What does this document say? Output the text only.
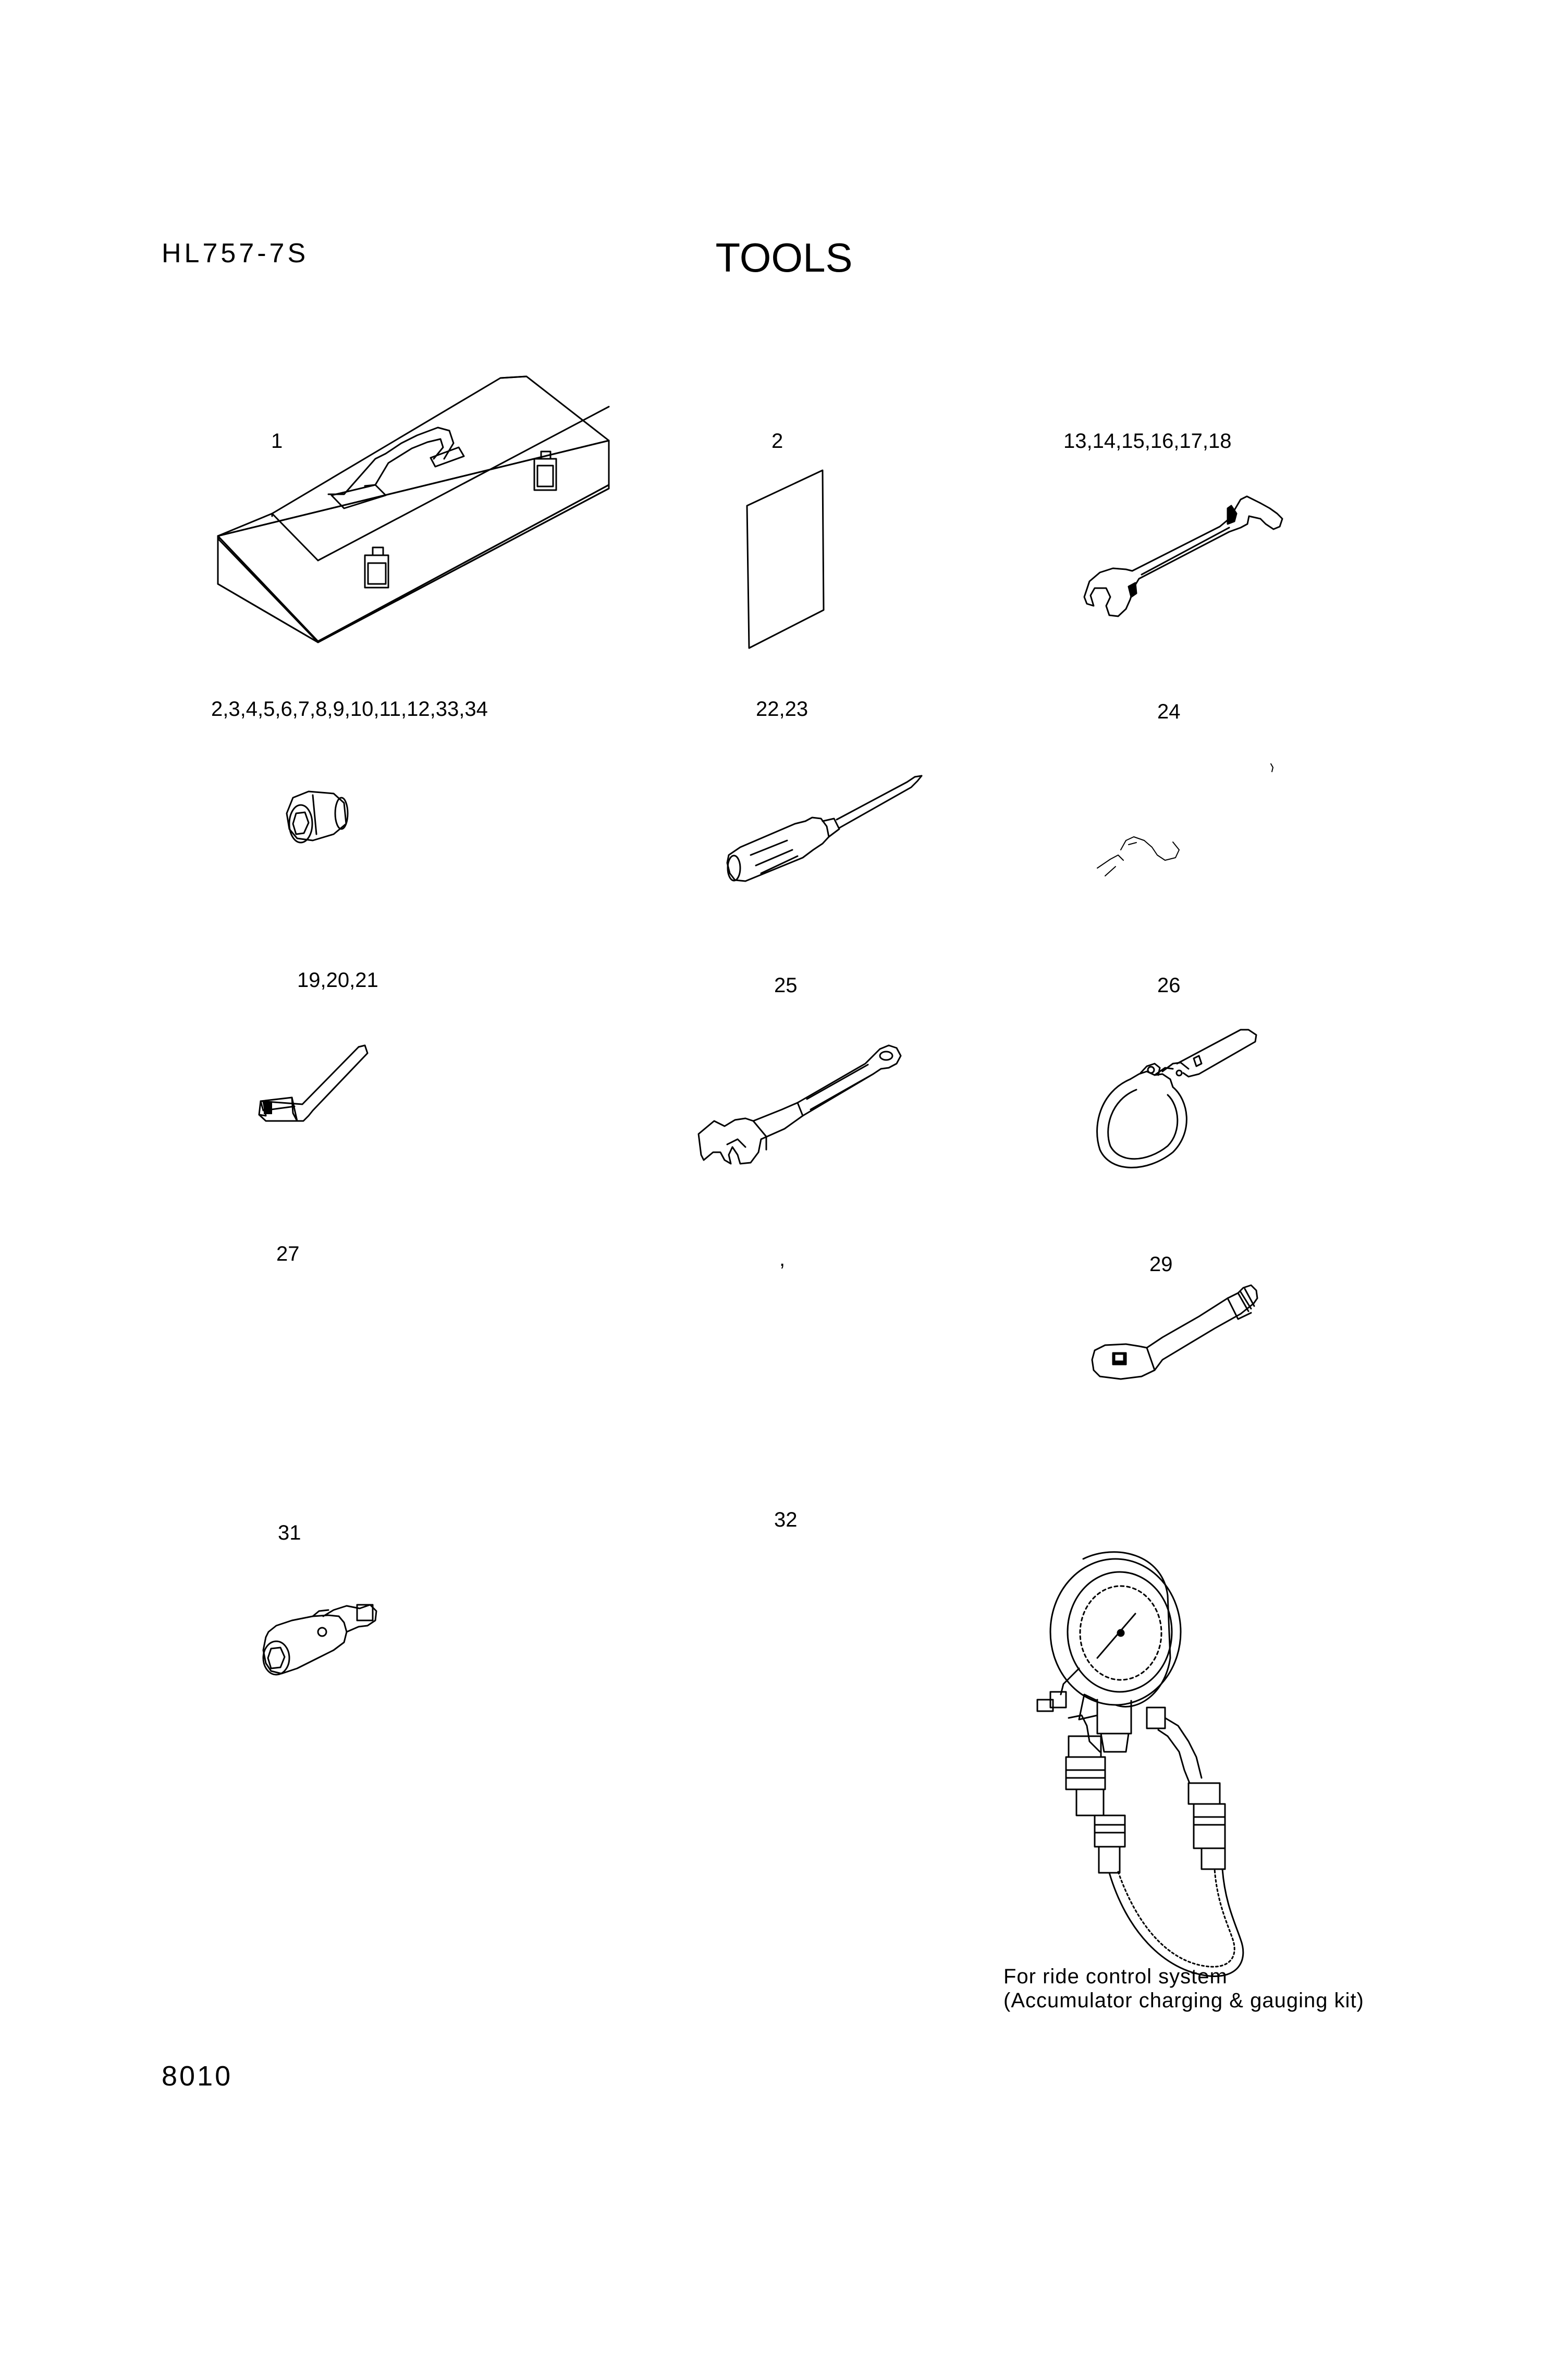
HL757-7S	TOOLS
1	2	13,14,15,16,17,18
2,3,4,5,6,7,8,9,10,11,12,33,34	22,23	24
19,20,21	25	26
27	,	29
31
32
For ride control system
(Accumulator charging & gauging kit)
8010
